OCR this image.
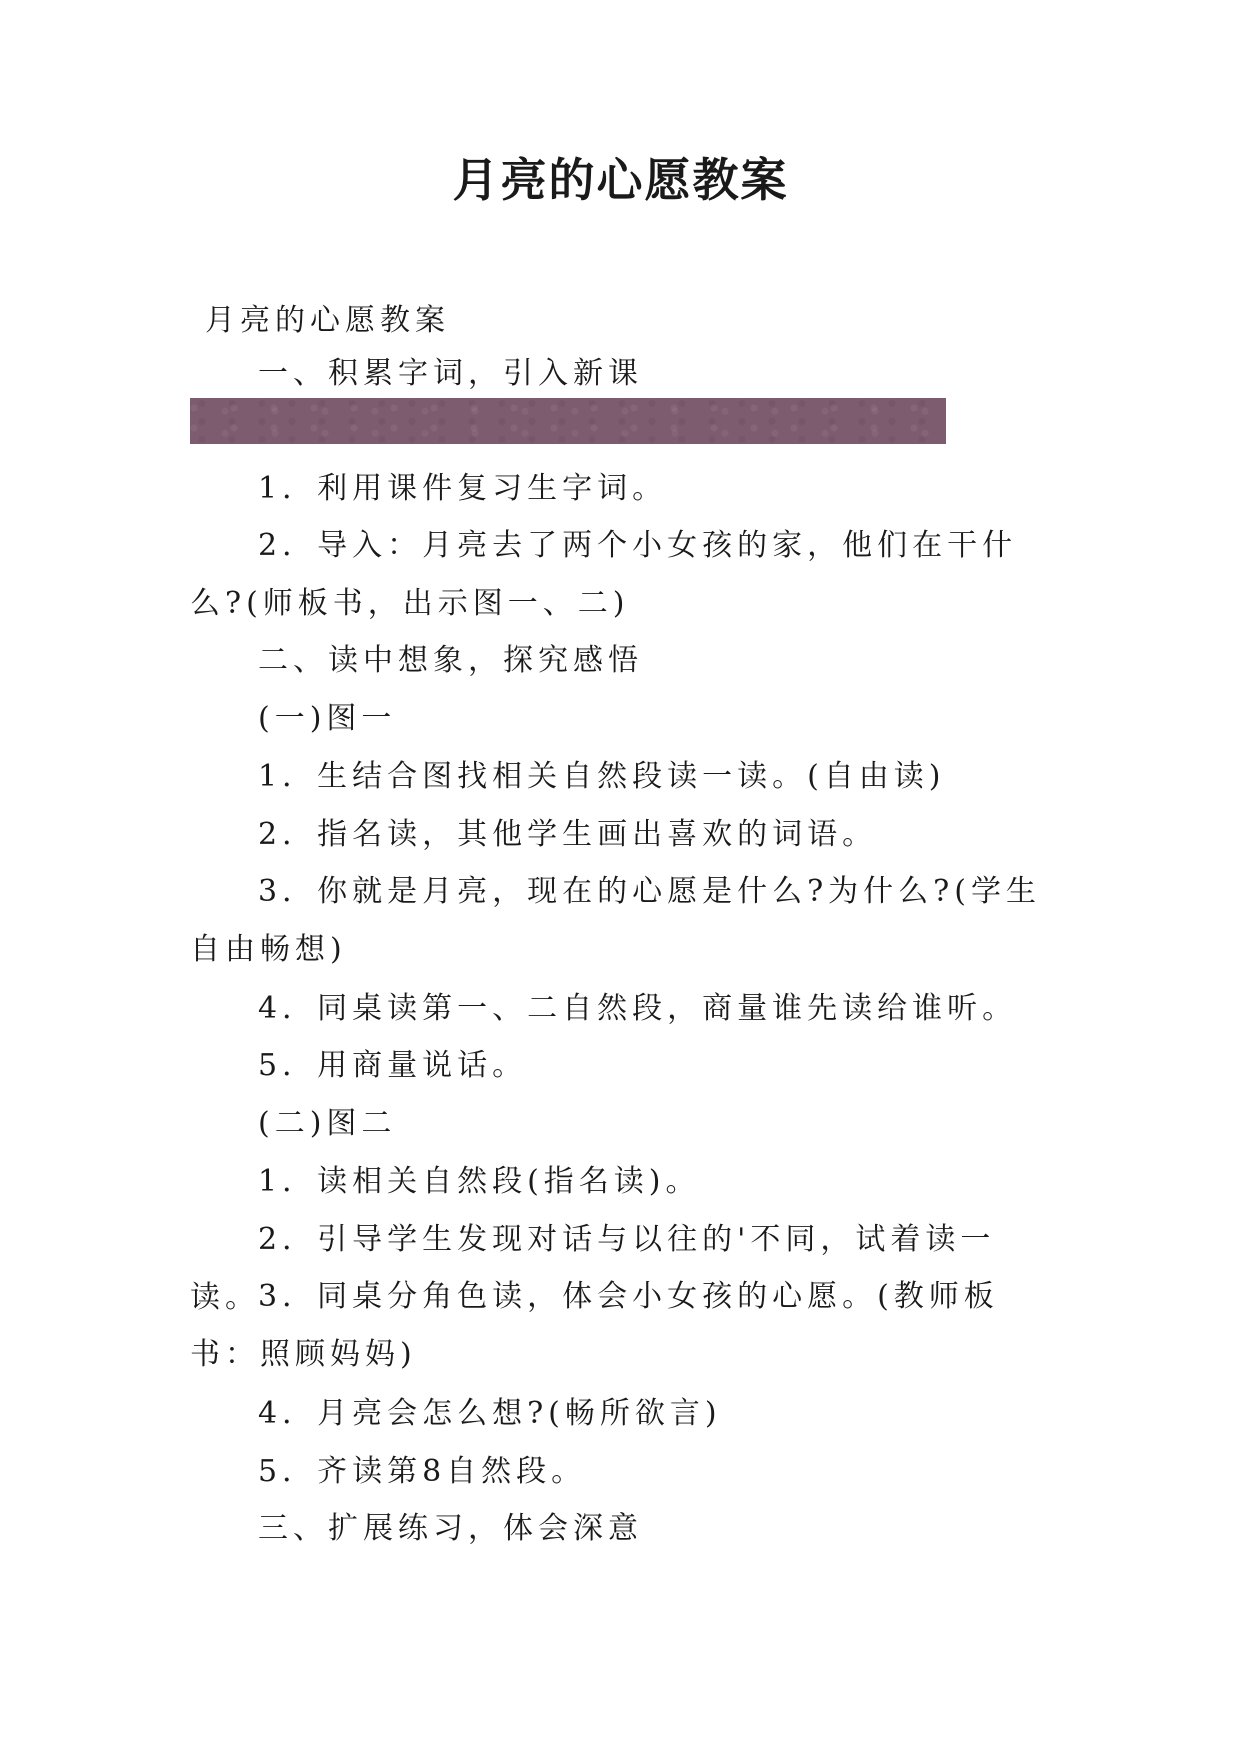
月亮的心愿教案

月亮的心愿教案

一、积累字词，引入新课

1．利用课件复习生字词。

2．导入：月亮去了两个小女孩的家，他们在干什么?(师板书，出示图一、二)

二、读中想象，探究感悟

(一)图一

1．生结合图找相关自然段读一读。(自由读)

2．指名读，其他学生画出喜欢的词语。

3．你就是月亮，现在的心愿是什么?为什么?(学生自由畅想)

4．同桌读第一、二自然段，商量谁先读给谁听。

5．用商量说话。

(二)图二

1．读相关自然段(指名读)。

2．引导学生发现对话与以往的'不同，试着读一读。

3．同桌分角色读，体会小女孩的心愿。(教师板书：照顾妈妈)

4．月亮会怎么想?(畅所欲言)

5．齐读第8自然段。

三、扩展练习，体会深意
